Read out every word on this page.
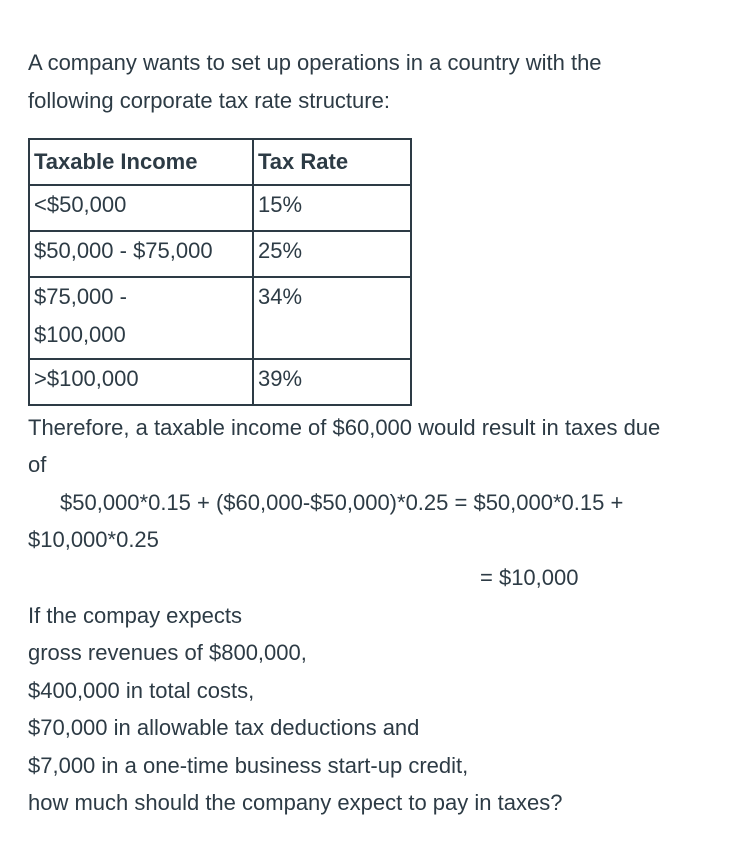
A company wants to set up operations in a country with the
following corporate tax rate structure:
Taxable Income	Tax Rate
<$50,000	15%
$50,000 - $75,000	25%

$75,000 -
$100,000	34%
>$100,000	39%
Therefore, a taxable income of $60,000 would result in taxes due
of
$50,000*0.15 + ($60,000-$50,000)*0.25 = $50,000*0.15 +
$10,000*0.25
= $10,000
If the compay expects
gross revenues of $800,000,
$400,000 in total costs,
$70,000 in allowable tax deductions and
$7,000 in a one-time business start-up credit,
how much should the company expect to pay in taxes?
